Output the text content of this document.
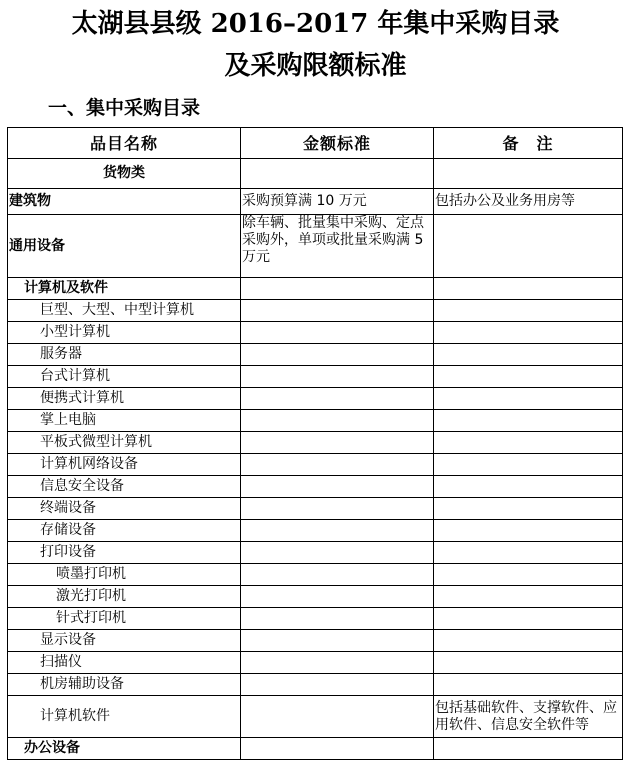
太湖县县级 2016–2017 年集中采购目录
及采购限额标准
一、集中采购目录
品目名称	金额标准	备　注
货物类		
建筑物	采购预算满 10 万元	包括办公及业务用房等
通用设备	除车辆、批量集中采购、定点采购外，单项或批量采购满 5 万元	
计算机及软件		
巨型、大型、中型计算机		
小型计算机		
服务器		
台式计算机		
便携式计算机		
掌上电脑		
平板式微型计算机		
计算机网络设备		
信息安全设备		
终端设备		
存储设备		
打印设备		
喷墨打印机		
激光打印机		
针式打印机		
显示设备		
扫描仪		
机房辅助设备		
计算机软件		包括基础软件、支撑软件、应用软件、信息安全软件等
办公设备		
